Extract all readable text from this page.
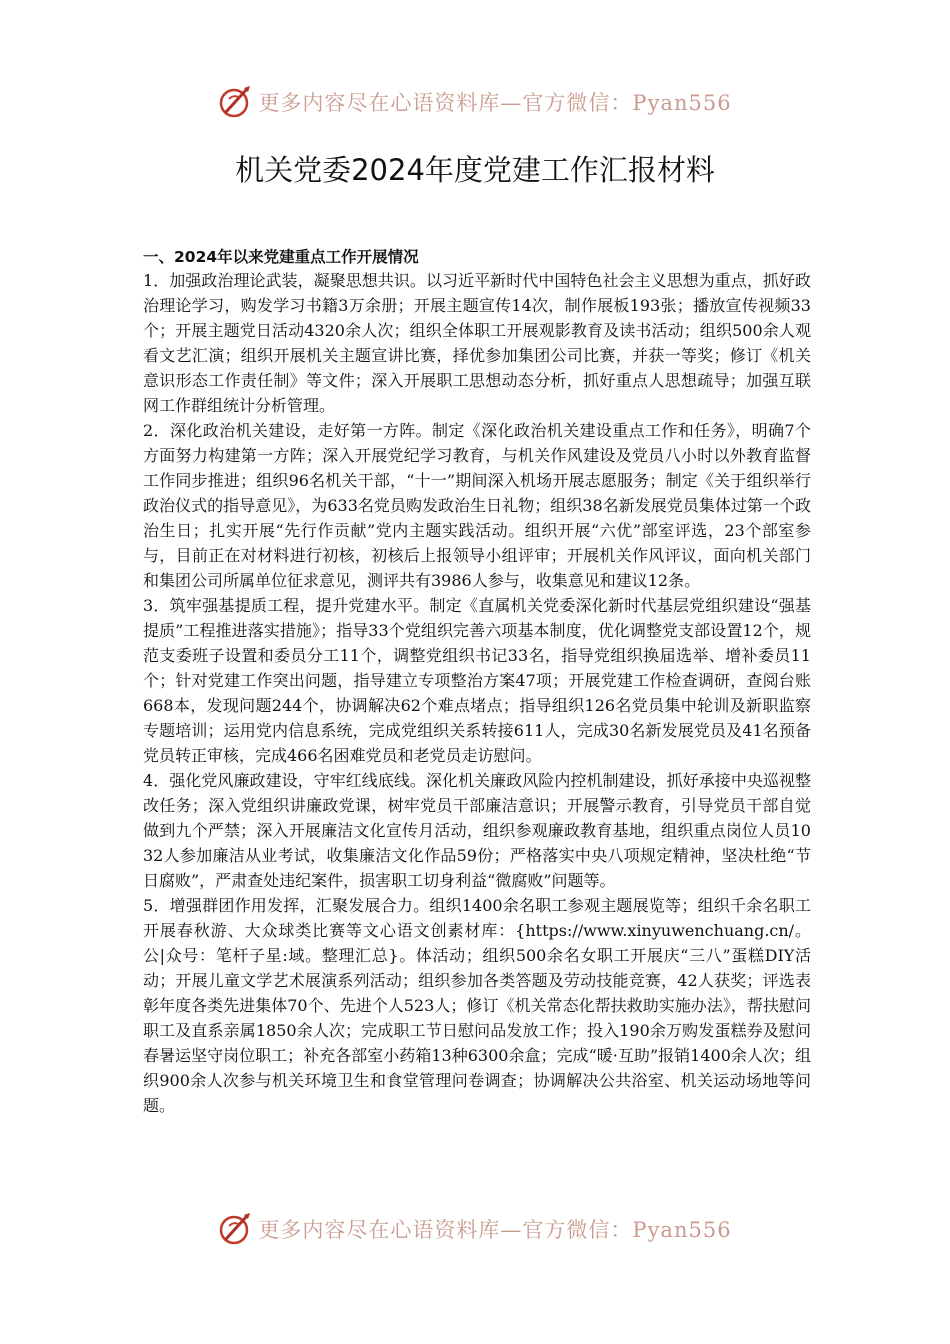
更多内容尽在心语资料库—官方微信：Pyan556
机关党委2024年度党建工作汇报材料

一、2024年以来党建重点工作开展情况

1．加强政治理论武装，凝聚思想共识。以习近平新时代中国特色社会主义思想为重点，抓好政治理论学习，购发学习书籍3万余册；开展主题宣传14次，制作展板193张；播放宣传视频33个；开展主题党日活动4320余人次；组织全体职工开展观影教育及读书活动；组织500余人观看文艺汇演；组织开展机关主题宣讲比赛，择优参加集团公司比赛，并获一等奖；修订《机关意识形态工作责任制》等文件；深入开展职工思想动态分析，抓好重点人思想疏导；加强互联网工作群组统计分析管理。

2．深化政治机关建设，走好第一方阵。制定《深化政治机关建设重点工作和任务》，明确7个方面努力构建第一方阵；深入开展党纪学习教育，与机关作风建设及党员八小时以外教育监督工作同步推进；组织96名机关干部，“十一”期间深入机场开展志愿服务；制定《关于组织举行政治仪式的指导意见》，为633名党员购发政治生日礼物；组织38名新发展党员集体过第一个政治生日；扎实开展“先行作贡献”党内主题实践活动。组织开展“六优”部室评选，23个部室参与，目前正在对材料进行初核，初核后上报领导小组评审；开展机关作风评议，面向机关部门和集团公司所属单位征求意见，测评共有3986人参与，收集意见和建议12条。

3．筑牢强基提质工程，提升党建水平。制定《直属机关党委深化新时代基层党组织建设“强基提质”工程推进落实措施》；指导33个党组织完善六项基本制度，优化调整党支部设置12个，规范支委班子设置和委员分工11个，调整党组织书记33名，指导党组织换届选举、增补委员11个；针对党建工作突出问题，指导建立专项整治方案47项；开展党建工作检查调研，查阅台账668本，发现问题244个，协调解决62个难点堵点；指导组织126名党员集中轮训及新职监察专题培训；运用党内信息系统，完成党组织关系转接611人，完成30名新发展党员及41名预备党员转正审核，完成466名困难党员和老党员走访慰问。

4．强化党风廉政建设，守牢红线底线。深化机关廉政风险内控机制建设，抓好承接中央巡视整改任务；深入党组织讲廉政党课，树牢党员干部廉洁意识；开展警示教育，引导党员干部自觉做到九个严禁；深入开展廉洁文化宣传月活动，组织参观廉政教育基地，组织重点岗位人员1032人参加廉洁从业考试，收集廉洁文化作品59份；严格落实中央八项规定精神，坚决杜绝“节日腐败”，严肃查处违纪案件，损害职工切身利益“微腐败”问题等。

5．增强群团作用发挥，汇聚发展合力。组织1400余名职工参观主题展览等；组织千余名职工开展春秋游、大众球类比赛等文心语文创素材库：{https://www.xinyuwenchuang.cn/。公|众号：笔杆子星:域。整理汇总}。体活动；组织500余名女职工开展庆“三八”蛋糕DIY活动；开展儿童文学艺术展演系列活动；组织参加各类答题及劳动技能竞赛，42人获奖；评选表彰年度各类先进集体70个、先进个人523人；修订《机关常态化帮扶救助实施办法》，帮扶慰问职工及直系亲属1850余人次；完成职工节日慰问品发放工作；投入190余万购发蛋糕券及慰问春暑运坚守岗位职工；补充各部室小药箱13种6300余盒；完成“暖·互助”报销1400余人次；组织900余人次参与机关环境卫生和食堂管理问卷调查；协调解决公共浴室、机关运动场地等问题。

更多内容尽在心语资料库—官方微信：Pyan556
